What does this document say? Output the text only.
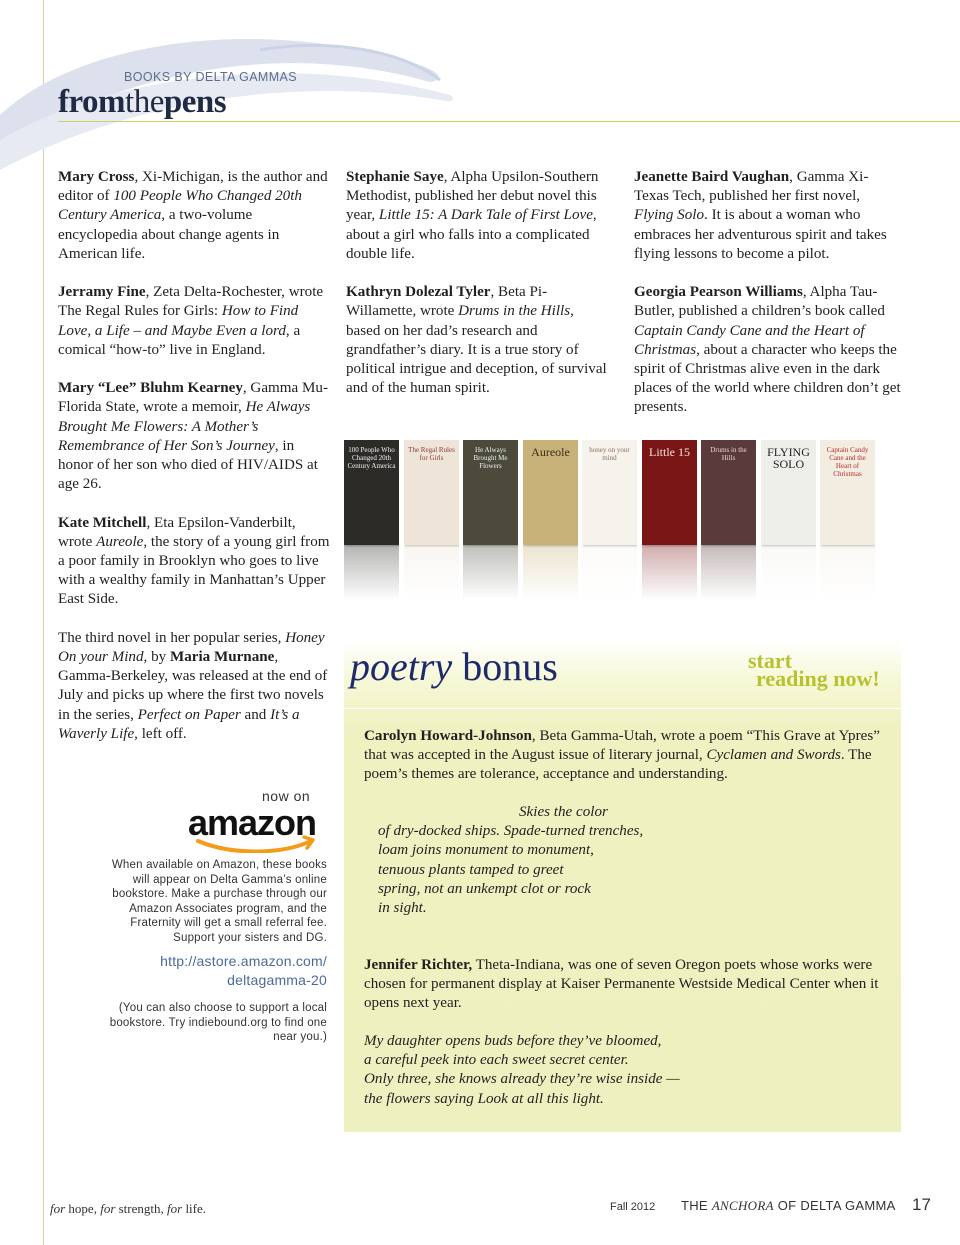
BOOKS BY DELTA GAMMAS
fromthepens

Mary Cross, Xi-Michigan, is the author and editor of 100 People Who Changed 20th Century America, a two-volume encyclopedia about change agents in American life.

Jerramy Fine, Zeta Delta-Rochester, wrote The Regal Rules for Girls: How to Find Love, a Life – and Maybe Even a lord, a comical “how-to” live in England.

Mary “Lee” Bluhm Kearney, Gamma Mu-Florida State, wrote a memoir, He Always Brought Me Flowers: A Mother’s Remembrance of Her Son’s Journey, in honor of her son who died of HIV/AIDS at age 26.

Kate Mitchell, Eta Epsilon-Vanderbilt, wrote Aureole, the story of a young girl from a poor family in Brooklyn who goes to live with a wealthy family in Manhattan’s Upper East Side.

The third novel in her popular series, Honey On your Mind, by Maria Murnane, Gamma-Berkeley, was released at the end of July and picks up where the first two novels in the series, Perfect on Paper and It’s a Waverly Life, left off.

Stephanie Saye, Alpha Upsilon-Southern Methodist, published her debut novel this year, Little 15: A Dark Tale of First Love, about a girl who falls into a complicated double life.

Kathryn Dolezal Tyler, Beta Pi-Willamette, wrote Drums in the Hills, based on her dad’s research and grandfather’s diary. It is a true story of political intrigue and deception, of survival and of the human spirit.

Jeanette Baird Vaughan, Gamma Xi-Texas Tech, published her first novel, Flying Solo. It is about a woman who embraces her adventurous spirit and takes flying lessons to become a pilot.

Georgia Pearson Williams, Alpha Tau-Butler, published a children’s book called Captain Candy Cane and the Heart of Christmas, about a character who keeps the spirit of Christmas alive even in the dark places of the world where children don’t get presents.

100 People Who Changed 20th Century America
The Regal Rules for Girls
He Always Brought Me Flowers
Aureole	honey on your mind	Little 15	Drums in the Hills	FLYING SOLO
Captain Candy Cane and the Heart of Christmas
poetry bonus	start
reading now!
Carolyn Howard-Johnson, Beta Gamma-Utah, wrote a poem “This Grave at Ypres” that was accepted in the August issue of literary journal, Cyclamen and Swords. The poem’s themes are tolerance, acceptance and understanding.
Skies the color
of dry-docked ships. Spade-turned trenches,
loam joins monument to monument,
tenuous plants tamped to greet
spring, not an unkempt clot or rock
in sight.
Jennifer Richter, Theta-Indiana, was one of seven Oregon poets whose works were chosen for permanent display at Kaiser Permanente Westside Medical Center when it opens next year.
My daughter opens buds before they’ve bloomed,
a careful peek into each sweet secret center.
Only three, she knows already they’re wise inside —
the flowers saying Look at all this light.
now on
amazon
When available on Amazon, these books will appear on Delta Gamma’s online bookstore. Make a purchase through our Amazon Associates program, and the Fraternity will get a small referral fee. Support your sisters and DG.
http://astore.amazon.com/
deltagamma-20
(You can also choose to support a local bookstore. Try indiebound.org to find one near you.)
for hope, for strength, for life.	Fall 2012 THE ANCHORA OF DELTA GAMMA 17
